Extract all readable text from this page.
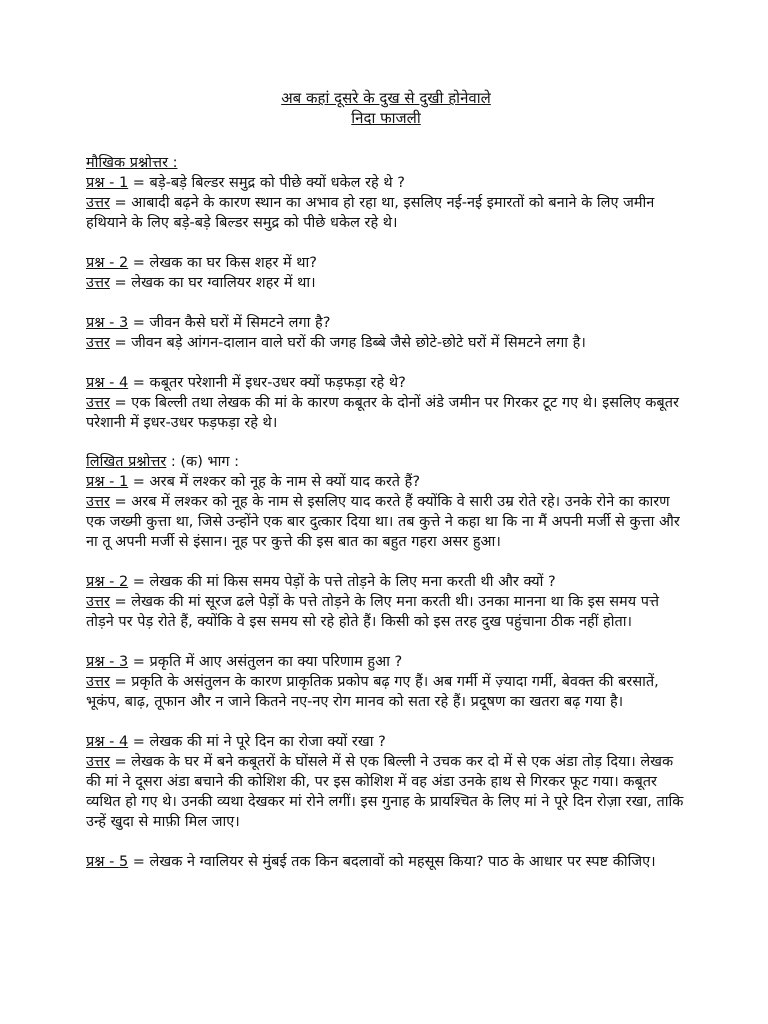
अब कहां दूसरे के दुख से दुखी होनेवाले
निदा फाजली
मौखिक प्रश्नोत्तर :
प्रश्न - 1 = बड़े-बड़े बिल्डर समुद्र को पीछे क्यों धकेल रहे थे ?
उत्तर = आबादी बढ़ने के कारण स्थान का अभाव हो रहा था, इसलिए नई-नई इमारतों को बनाने के लिए जमीन हथियाने के लिए बड़े-बड़े बिल्डर समुद्र को पीछे धकेल रहे थे।
प्रश्न - 2 = लेखक का घर किस शहर में था?
उत्तर = लेखक का घर ग्वालियर शहर में था।
प्रश्न - 3 = जीवन कैसे घरों में सिमटने लगा है?
उत्तर = जीवन बड़े आंगन-दालान वाले घरों की जगह डिब्बे जैसे छोटे-छोटे घरों में सिमटने लगा है।
प्रश्न - 4 = कबूतर परेशानी में इधर-उधर क्यों फड़फड़ा रहे थे?
उत्तर = एक बिल्ली तथा लेखक की मां के कारण कबूतर के दोनों अंडे जमीन पर गिरकर टूट गए थे। इसलिए कबूतर परेशानी में इधर-उधर फड़फड़ा रहे थे।
लिखित प्रश्नोत्तर : (क) भाग :
प्रश्न - 1 = अरब में लश्कर को नूह के नाम से क्यों याद करते हैं?
उत्तर = अरब में लश्कर को नूह के नाम से इसलिए याद करते हैं क्योंकि वे सारी उम्र रोते रहे। उनके रोने का कारण एक जख्मी कुत्ता था, जिसे उन्होंने एक बार दुत्कार दिया था। तब कुत्ते ने कहा था कि ना मैं अपनी मर्जी से कुत्ता और ना तू अपनी मर्जी से इंसान। नूह पर कुत्ते की इस बात का बहुत गहरा असर हुआ।
प्रश्न - 2 = लेखक की मां किस समय पेड़ों के पत्ते तोड़ने के लिए मना करती थी और क्यों ?
उत्तर = लेखक की मां सूरज ढले पेड़ों के पत्ते तोड़ने के लिए मना करती थी। उनका मानना था कि इस समय पत्ते तोड़ने पर पेड़ रोते हैं, क्योंकि वे इस समय सो रहे होते हैं। किसी को इस तरह दुख पहुंचाना ठीक नहीं होता।
प्रश्न - 3 = प्रकृति में आए असंतुलन का क्या परिणाम हुआ ?
उत्तर = प्रकृति के असंतुलन के कारण प्राकृतिक प्रकोप बढ़ गए हैं। अब गर्मी में ज़्यादा गर्मी, बेवक्त की बरसातें, भूकंप, बाढ़, तूफान और न जाने कितने नए-नए रोग मानव को सता रहे हैं। प्रदूषण का खतरा बढ़ गया है।
प्रश्न - 4 = लेखक की मां ने पूरे दिन का रोजा क्यों रखा ?
उत्तर = लेखक के घर में बने कबूतरों के घोंसले में से एक बिल्ली ने उचक कर दो में से एक अंडा तोड़ दिया। लेखक की मां ने दूसरा अंडा बचाने की कोशिश की, पर इस कोशिश में वह अंडा उनके हाथ से गिरकर फूट गया। कबूतर व्यथित हो गए थे। उनकी व्यथा देखकर मां रोने लगीं। इस गुनाह के प्रायश्चित के लिए मां ने पूरे दिन रोज़ा रखा, ताकि उन्हें खुदा से माफ़ी मिल जाए।
प्रश्न - 5 = लेखक ने ग्वालियर से मुंबई तक किन बदलावों को महसूस किया? पाठ के आधार पर स्पष्ट कीजिए।
